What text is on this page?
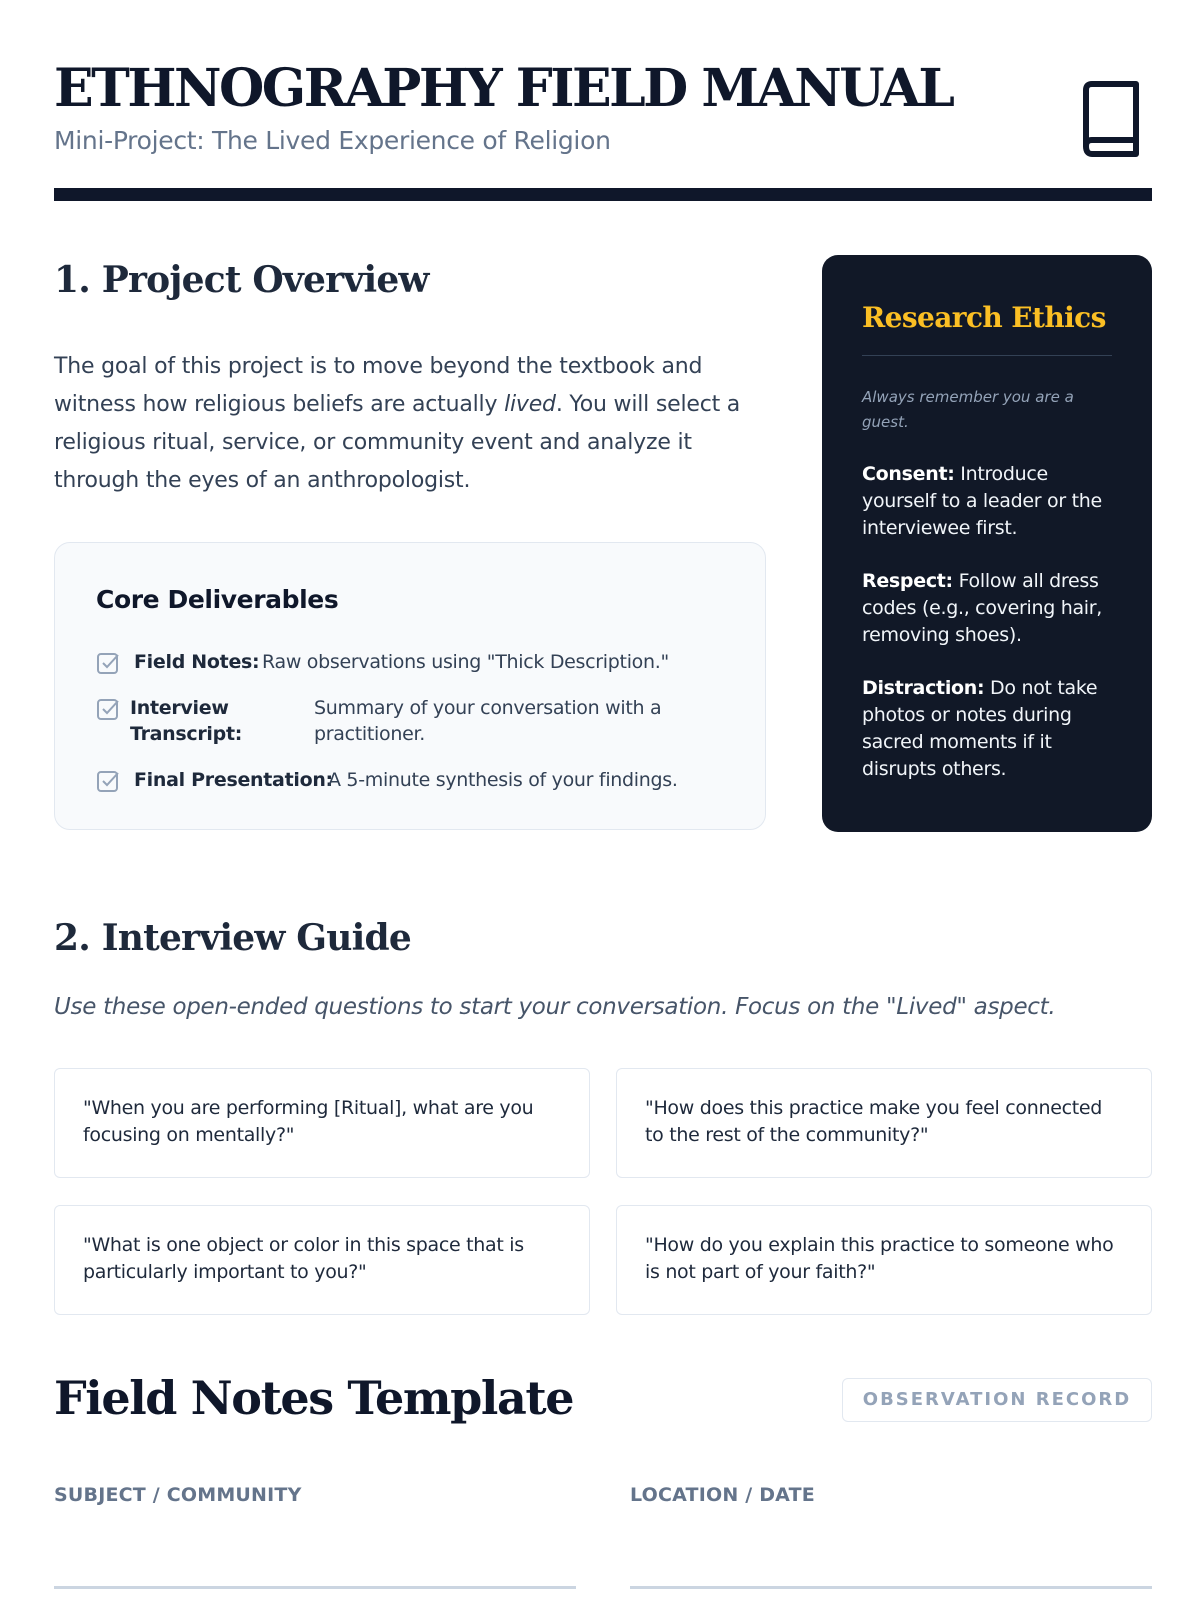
ETHNOGRAPHY FIELD MANUAL

Mini-Project: The Lived Experience of Religion

1. Project Overview

The goal of this project is to move beyond the textbook and witness how religious beliefs are actually lived. You will select a religious ritual, service, or community event and analyze it through the eyes of an anthropologist.

Core Deliverables
Field Notes: Raw observations using "Thick Description."
Interview Transcript:
Summary of your conversation with a practitioner.
Final Presentation:
A 5-minute synthesis of your findings.
Research Ethics

Always remember you are a guest.

Consent: Introduce yourself to a leader or the interviewee first.

Respect: Follow all dress codes (e.g., covering hair, removing shoes).

Distraction: Do not take photos or notes during sacred moments if it disrupts others.

2. Interview Guide

Use these open-ended questions to start your conversation. Focus on the "Lived" aspect.

"When you are performing [Ritual], what are you focusing on mentally?"

"How does this practice make you feel connected to the rest of the community?"

"What is one object or color in this space that is particularly important to you?"

"How do you explain this practice to someone who is not part of your faith?"

Field Notes Template	OBSERVATION RECORD

SUBJECT / COMMUNITY	LOCATION / DATE
